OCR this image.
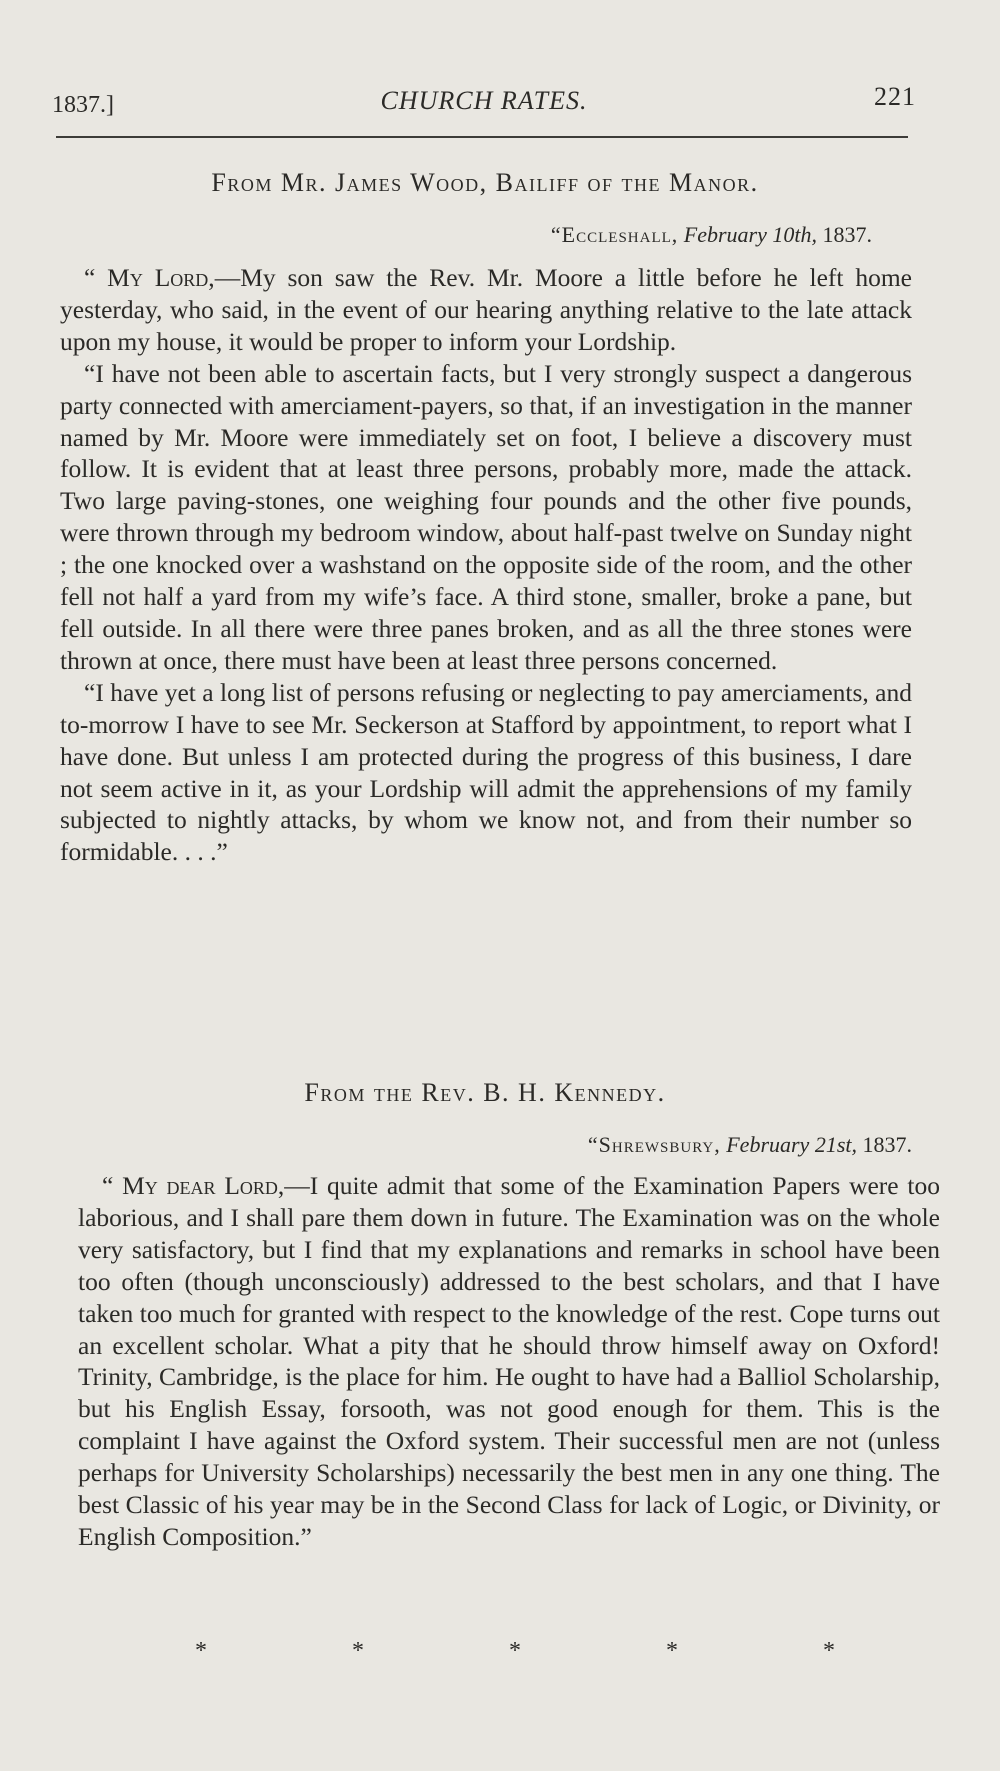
1837.]	CHURCH RATES.	221
From Mr. James Wood, Bailiff of the Manor.
“Eccleshall, February 10th, 1837.

“ My Lord,—My son saw the Rev. Mr. Moore a little before he left home yesterday, who said, in the event of our hearing anything relative to the late attack upon my house, it would be proper to inform your Lordship.

“I have not been able to ascertain facts, but I very strongly suspect a dangerous party connected with amerciament-payers, so that, if an investigation in the manner named by Mr. Moore were immediately set on foot, I believe a discovery must follow. It is evident that at least three persons, probably more, made the attack. Two large paving-stones, one weighing four pounds and the other five pounds, were thrown through my bedroom window, about half-past twelve on Sunday night ; the one knocked over a washstand on the opposite side of the room, and the other fell not half a yard from my wife’s face. A third stone, smaller, broke a pane, but fell outside. In all there were three panes broken, and as all the three stones were thrown at once, there must have been at least three persons concerned.

“I have yet a long list of persons refusing or neglecting to pay amerciaments, and to-morrow I have to see Mr. Seckerson at Stafford by appointment, to report what I have done. But unless I am protected during the progress of this business, I dare not seem active in it, as your Lordship will admit the apprehensions of my family subjected to nightly attacks, by whom we know not, and from their number so formidable. . . .”

From the Rev. B. H. Kennedy.
“Shrewsbury, February 21st, 1837.

“ My dear Lord,—I quite admit that some of the Examination Papers were too laborious, and I shall pare them down in future. The Examination was on the whole very satisfactory, but I find that my explanations and remarks in school have been too often (though unconsciously) addressed to the best scholars, and that I have taken too much for granted with respect to the knowledge of the rest. Cope turns out an excellent scholar. What a pity that he should throw himself away on Oxford! Trinity, Cambridge, is the place for him. He ought to have had a Balliol Scholarship, but his English Essay, forsooth, was not good enough for them. This is the complaint I have against the Oxford system. Their successful men are not (unless perhaps for University Scholarships) necessarily the best men in any one thing. The best Classic of his year may be in the Second Class for lack of Logic, or Divinity, or English Composition.”

*	*	*	*	*
